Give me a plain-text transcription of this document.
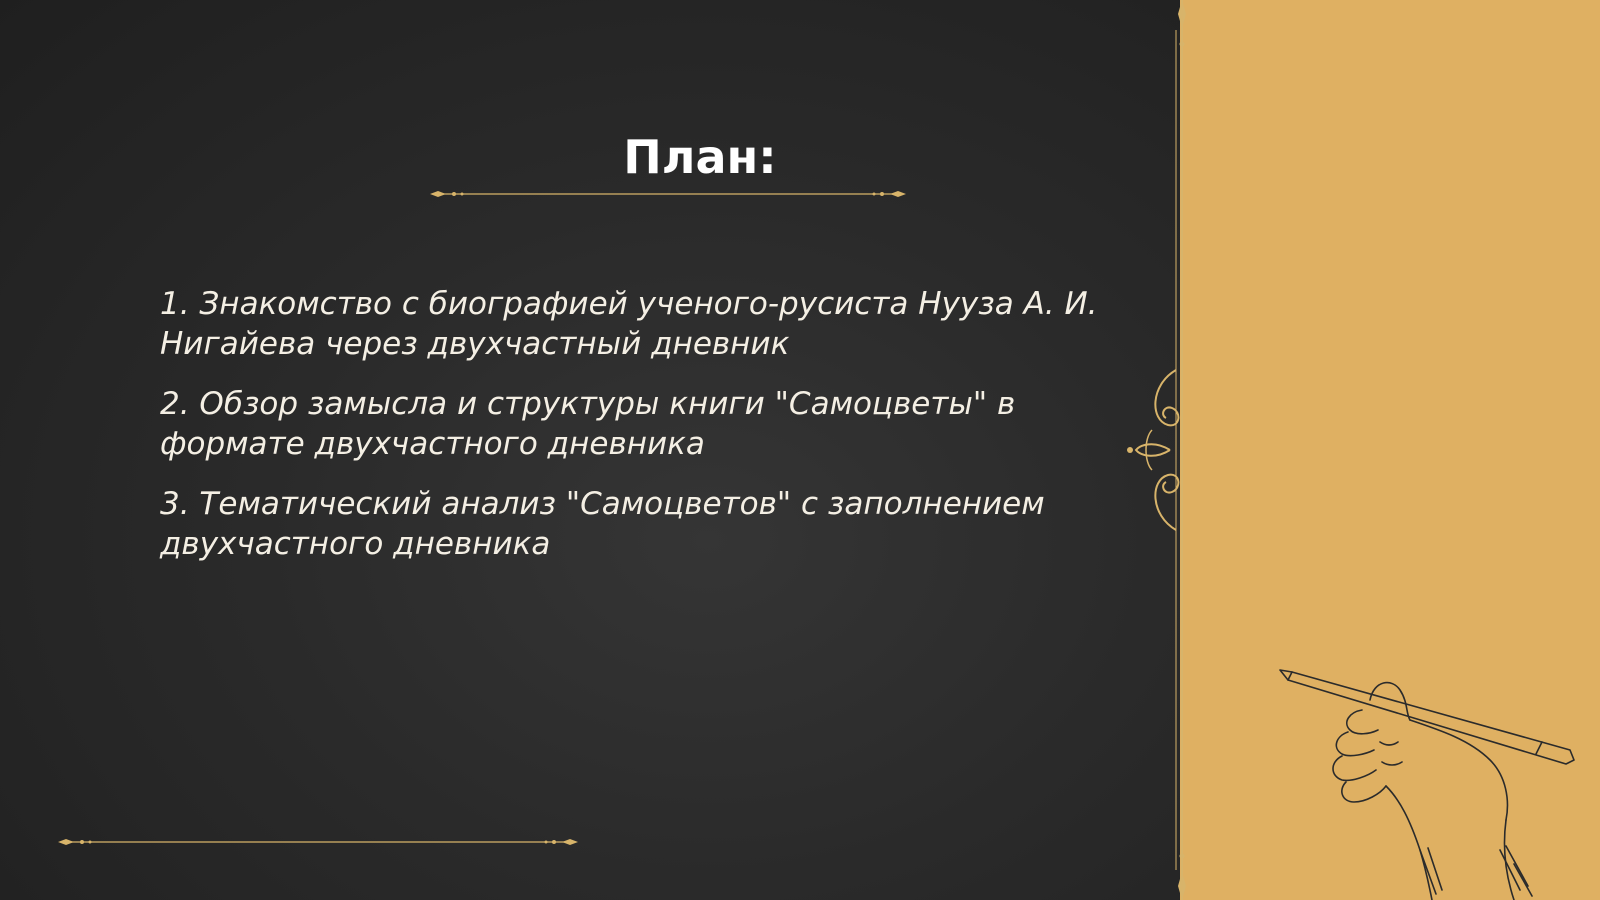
План:
1. Знакомство с биографией ученого-русиста Нууза А. И. Нигайева через двухчастный дневник
2. Обзор замысла и структуры книги "Самоцветы" в формате двухчастного дневника
3. Тематический анализ "Самоцветов" с заполнением двухчастного дневника
